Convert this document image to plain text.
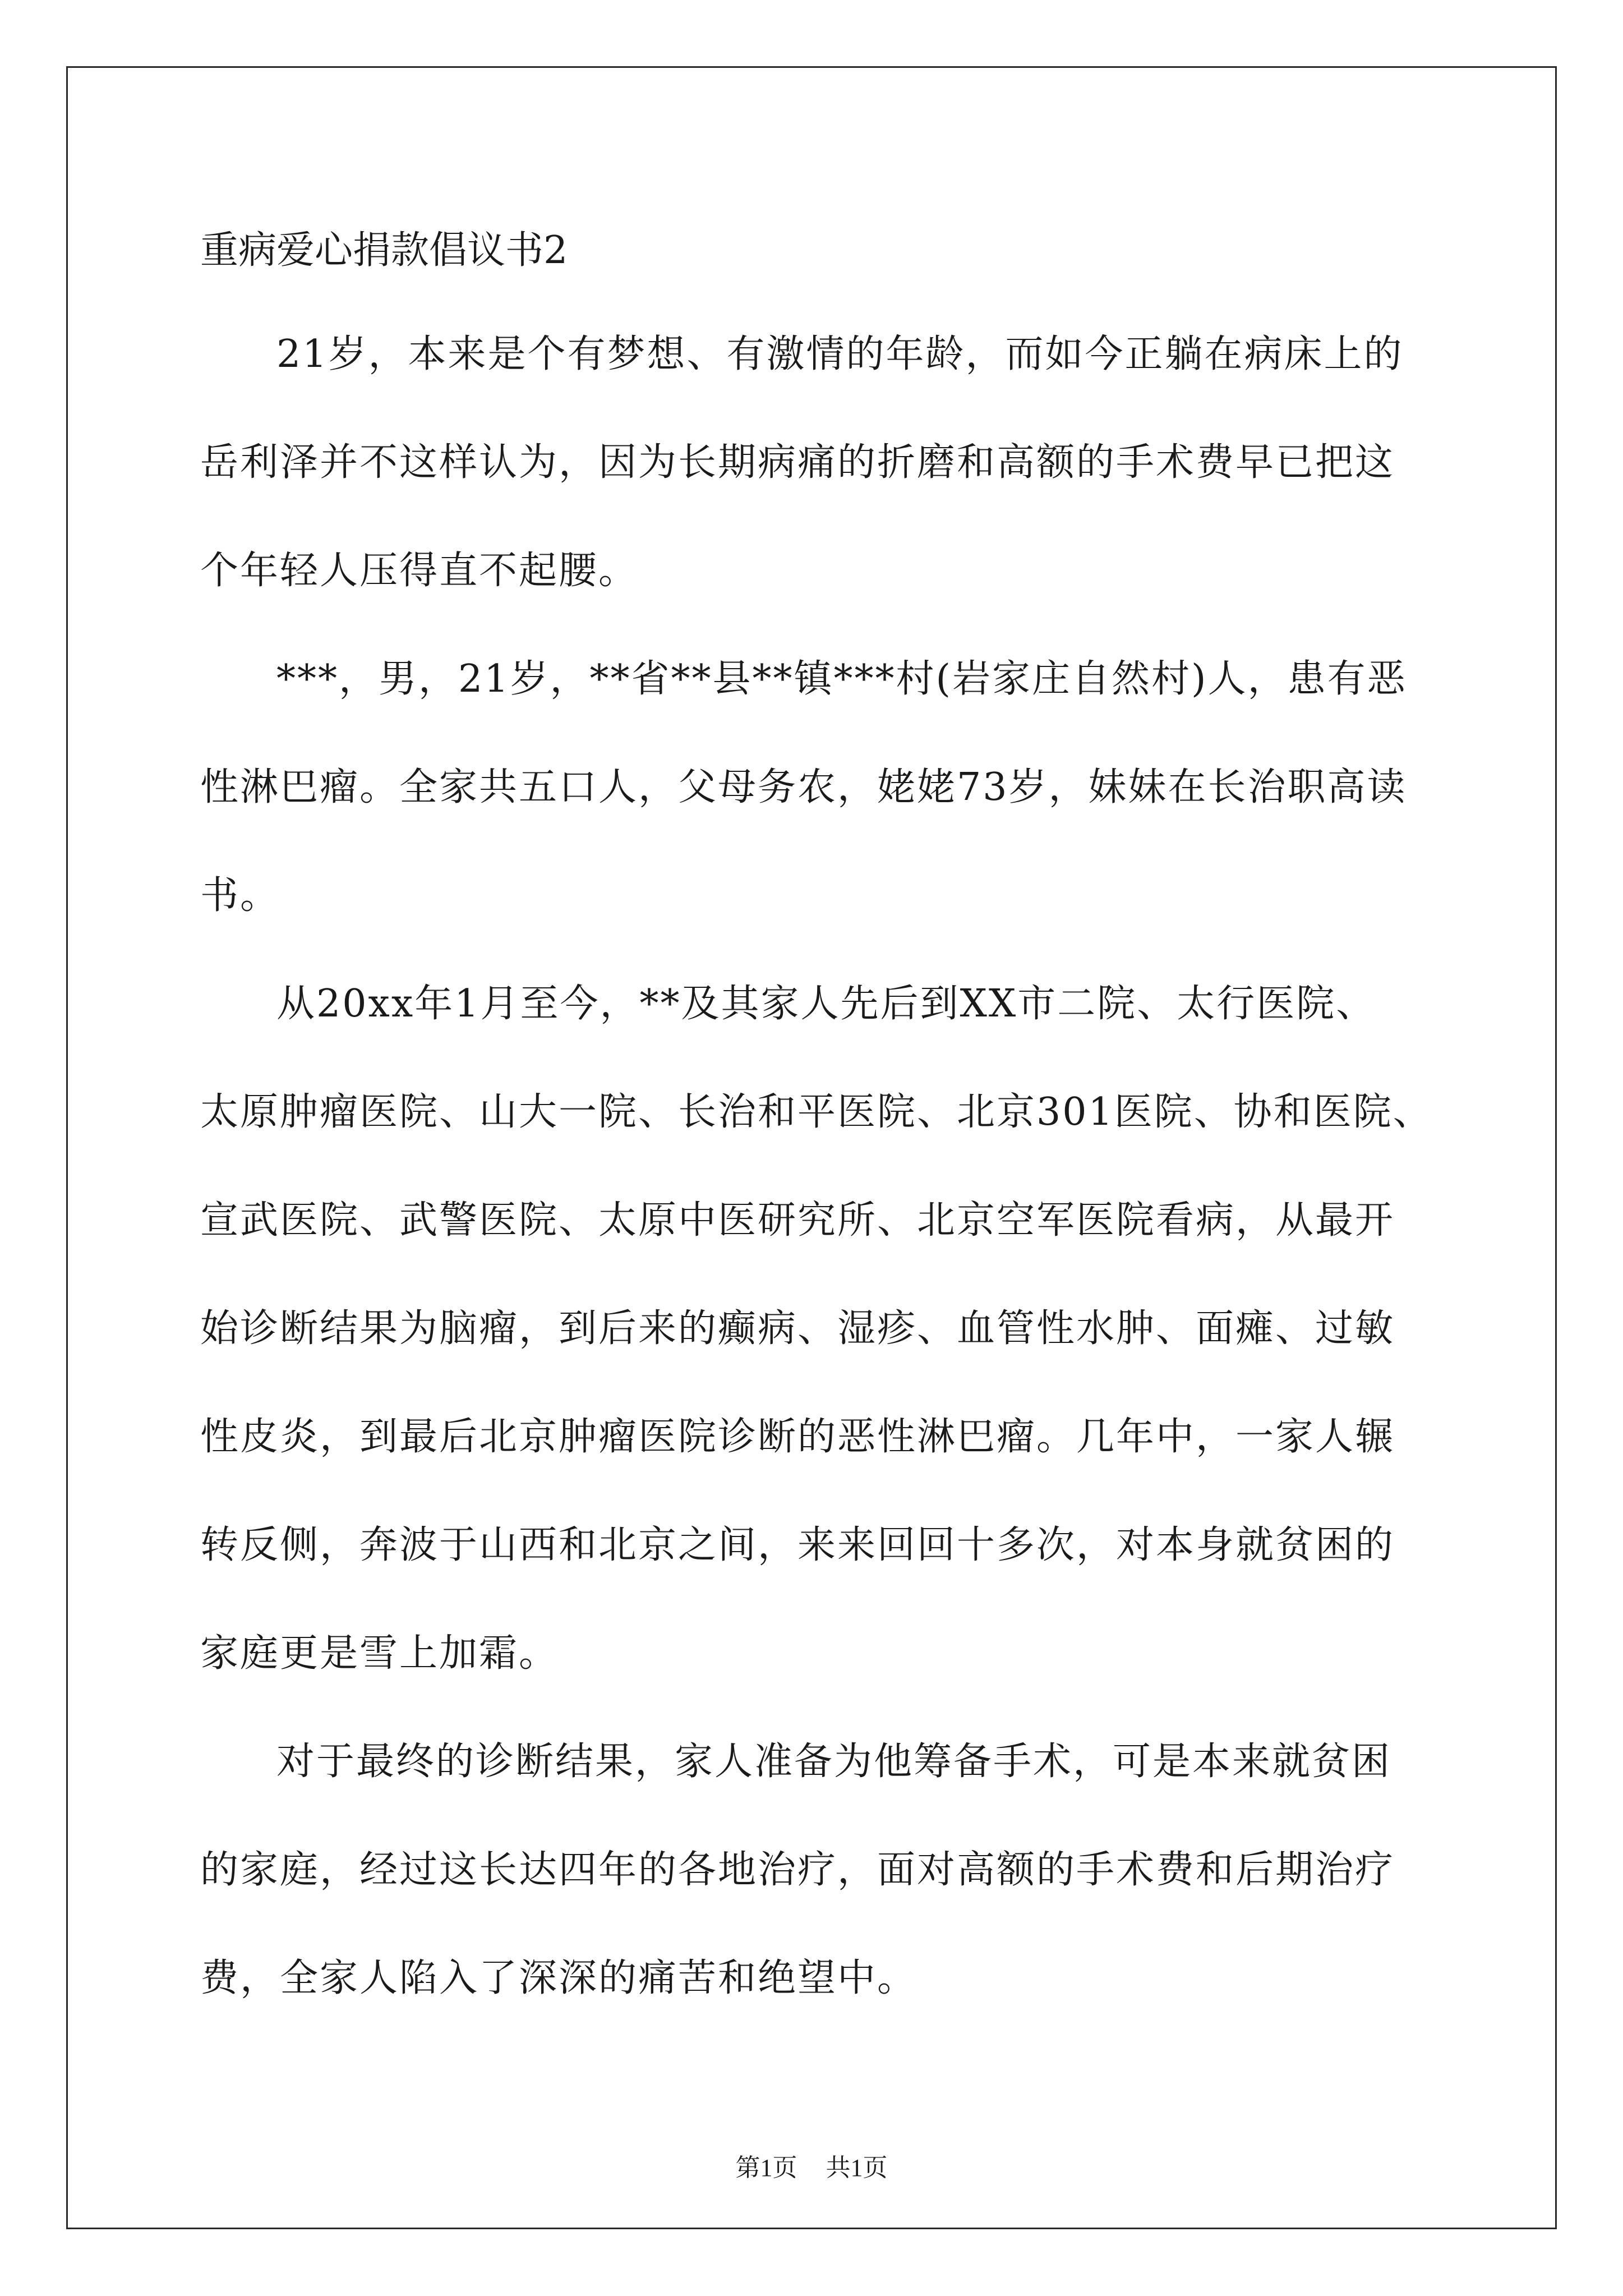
重病爱心捐款倡议书2
21岁，本来是个有梦想、有激情的年龄，而如今正躺在病床上的
岳利泽并不这样认为，因为长期病痛的折磨和高额的手术费早已把这
个年轻人压得直不起腰。
***，男，21岁，**省**县**镇***村(岩家庄自然村)人，患有恶
性淋巴瘤。全家共五口人，父母务农，姥姥73岁，妹妹在长治职高读
书。
从20xx年1月至今，**及其家人先后到XX市二院、太行医院、
太原肿瘤医院、山大一院、长治和平医院、北京301医院、协和医院、
宣武医院、武警医院、太原中医研究所、北京空军医院看病，从最开
始诊断结果为脑瘤，到后来的癫病、湿疹、血管性水肿、面瘫、过敏
性皮炎，到最后北京肿瘤医院诊断的恶性淋巴瘤。几年中，一家人辗
转反侧，奔波于山西和北京之间，来来回回十多次，对本身就贫困的
家庭更是雪上加霜。
对于最终的诊断结果，家人准备为他筹备手术，可是本来就贫困
的家庭，经过这长达四年的各地治疗，面对高额的手术费和后期治疗
费，全家人陷入了深深的痛苦和绝望中。
第1页 共1页
